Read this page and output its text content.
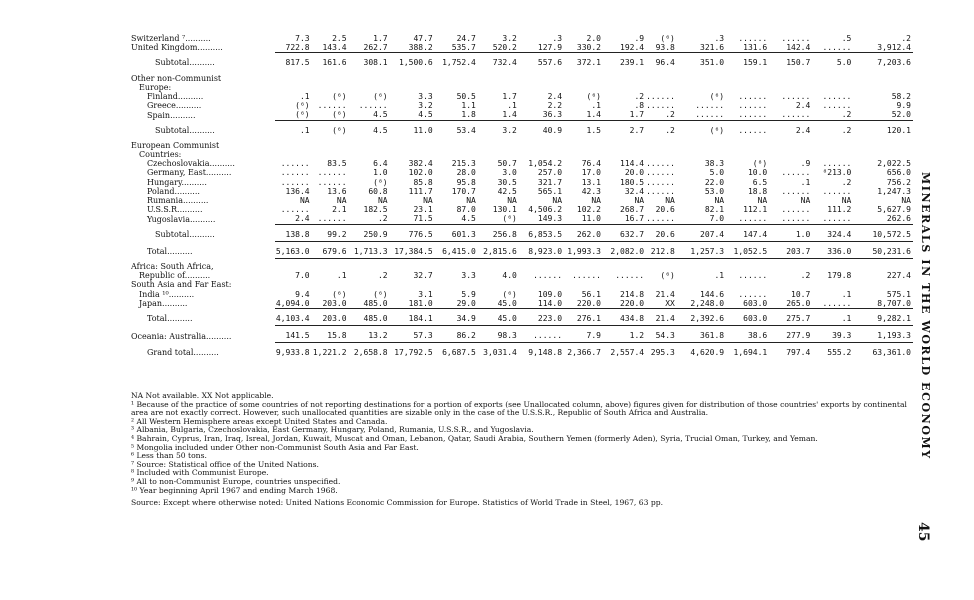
Switzerland ⁷..........	7.3	2.5	1.7	47.7	24.7	3.2	.3	2.0	.9	(⁶)	.3	......	......	.5	.2	
United Kingdom..........	722.8	143.4	262.7	388.2	535.7	520.2	127.9	330.2	192.4	93.8	321.6	131.6	142.4	......	3,912.4	

Subtotal..........	817.5	161.6	308.1	1,500.6	1,752.4	732.4	557.6	372.1	239.1	96.4	351.0	159.1	150.7	5.0	7,203.6	

Other non-Communist																
Europe:																
Finland..........	.1	(⁶)	(⁶)	3.3	50.5	1.7	2.4	(⁶)	.2	......	(⁶)	......	......	......	58.2	
Greece..........	(⁶)	......	......	3.2	1.1	.1	2.2	.1	.8	......	......	......	2.4	......	9.9	
Spain..........	(⁶)	(⁶)	4.5	4.5	1.8	1.4	36.3	1.4	1.7	.2	......	......	......	.2	52.0	

Subtotal..........	.1	(⁶)	4.5	11.0	53.4	3.2	40.9	1.5	2.7	.2	(⁶)	......	2.4	.2	120.1	

European Communist																
Countries:																
Czechoslovakia..........	......	83.5	6.4	382.4	215.3	50.7	1,054.2	76.4	114.4	......	38.3	(⁸)	.9	......	2,022.5	
Germany, East..........	......	......	1.0	102.0	28.0	3.0	257.0	17.0	20.0	......	5.0	10.0	......	⁸213.0	656.0	
Hungary..........	......	......	(⁸)	85.8	95.8	30.5	321.7	13.1	180.5	......	22.0	6.5	.1	.2	756.2	
Poland..........	136.4	13.6	60.8	111.7	170.7	42.5	565.1	42.3	32.4	......	53.0	18.8	......	......	1,247.3	
Rumania..........	NA	NA	NA	NA	NA	NA	NA	NA	NA	NA	NA	NA	NA	NA	NA	
U.S.S.R..........	......	2.1	182.5	23.1	87.0	130.1	4,506.2	102.2	268.7	20.6	82.1	112.1	......	111.2	5,627.9	
Yugoslavia..........	2.4	......	.2	71.5	4.5	(⁶)	149.3	11.0	16.7	......	7.0	......	......	......	262.6	

Subtotal..........	138.8	99.2	250.9	776.5	601.3	256.8	6,853.5	262.0	632.7	20.6	207.4	147.4	1.0	324.4	10,572.5	

Total..........	5,163.0	679.6	1,713.3	17,384.5	6,415.0	2,815.6	8,923.0	1,993.3	2,082.0	212.8	1,257.3	1,052.5	203.7	336.0	50,231.6	

Africa: South Africa,																
Republic of..........	7.0	.1	.2	32.7	3.3	4.0	......	......	......	(⁶)	.1	......	.2	179.8	227.4	
South Asia and Far East:																
India ¹⁰..........	9.4	(⁶)	(⁶)	3.1	5.9	(⁶)	109.0	56.1	214.8	21.4	144.6	......	10.7	.1	575.1	
Japan..........	4,094.0	203.0	485.0	181.0	29.0	45.0	114.0	220.0	220.0	XX	2,248.0	603.0	265.0	......	8,707.0	

Total..........	4,103.4	203.0	485.0	184.1	34.9	45.0	223.0	276.1	434.8	21.4	2,392.6	603.0	275.7	.1	9,282.1	

Oceania: Australia..........	141.5	15.8	13.2	57.3	86.2	98.3	......	7.9	1.2	54.3	361.8	38.6	277.9	39.3	1,193.3	

Grand total..........	9,933.8	1,221.2	2,658.8	17,792.5	6,687.5	3,031.4	9,148.8	2,366.7	2,557.4	295.3	4,620.9	1,694.1	797.4	555.2	63,361.0	

NA Not available. XX Not applicable.

¹ Because of the practice of some countries of not reporting destinations for a portion of exports (see Unallocated column, above) figures given for distribution of those countries' exports by continental area are not exactly correct. However, such unallocated quantities are sizable only in the case of the U.S.S.R., Republic of South Africa and Australia.

² All Western Hemisphere areas except United States and Canada.

³ Albania, Bulgaria, Czechoslovakia, East Germany, Hungary, Poland, Rumania, U.S.S.R., and Yugoslavia.

⁴ Bahrain, Cyprus, Iran, Iraq, Isreal, Jordan, Kuwait, Muscat and Oman, Lebanon, Qatar, Saudi Arabia, Southern Yemen (formerly Aden), Syria, Trucial Oman, Turkey, and Yeman.

⁵ Mongolia included under Other non-Communist South Asia and Far East.

⁶ Less than 50 tons.

⁷ Source: Statistical office of the United Nations.

⁸ Included with Communist Europe.

⁹ All to non-Communist Europe, countries unspecified.

¹⁰ Year beginning April 1967 and ending March 1968.

Source: Except where otherwise noted: United Nations Economic Commission for Europe. Statistics of World Trade in Steel, 1967, 63 pp.

MINERALS IN THE WORLD ECONOMY
45
